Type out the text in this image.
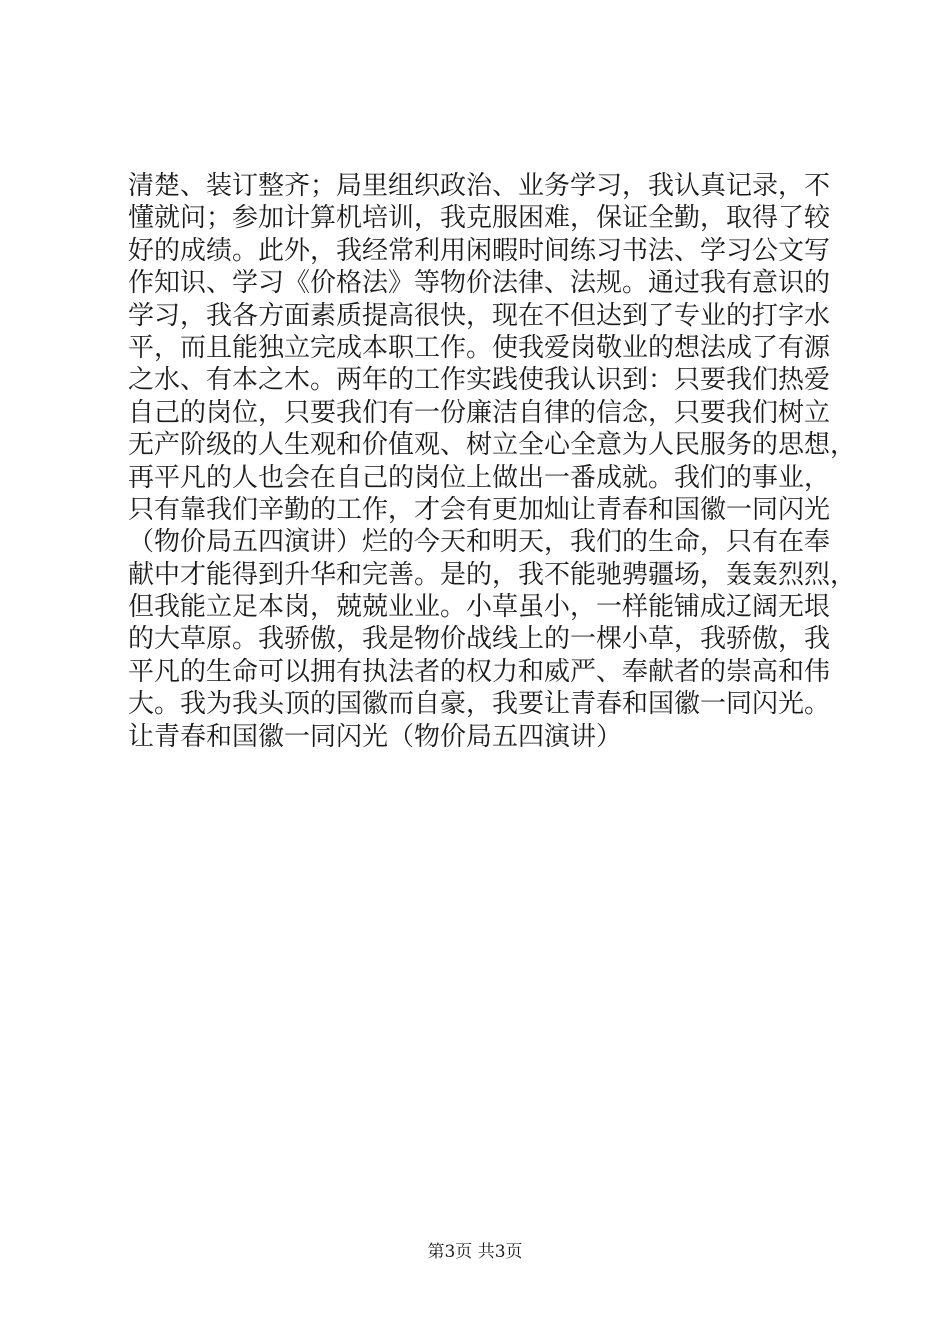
清楚、装订整齐；局里组织政治、业务学习，我认真记录，不
懂就问；参加计算机培训，我克服困难，保证全勤，取得了较
好的成绩。此外，我经常利用闲暇时间练习书法、学习公文写
作知识、学习《价格法》等物价法律、法规。通过我有意识的
学习，我各方面素质提高很快，现在不但达到了专业的打字水
平，而且能独立完成本职工作。使我爱岗敬业的想法成了有源
之水、有本之木。两年的工作实践使我认识到：只要我们热爱
自己的岗位，只要我们有一份廉洁自律的信念，只要我们树立
无产阶级的人生观和价值观、树立全心全意为人民服务的思想，
再平凡的人也会在自己的岗位上做出一番成就。我们的事业，
只有靠我们辛勤的工作，才会有更加灿让青春和国徽一同闪光
（物价局五四演讲）烂的今天和明天，我们的生命，只有在奉
献中才能得到升华和完善。是的，我不能驰骋疆场，轰轰烈烈，
但我能立足本岗，兢兢业业。小草虽小，一样能铺成辽阔无垠
的大草原。我骄傲，我是物价战线上的一棵小草，我骄傲，我
平凡的生命可以拥有执法者的权力和威严、奉献者的崇高和伟
大。我为我头顶的国徽而自豪，我要让青春和国徽一同闪光。
让青春和国徽一同闪光（物价局五四演讲）
第3页 共3页
